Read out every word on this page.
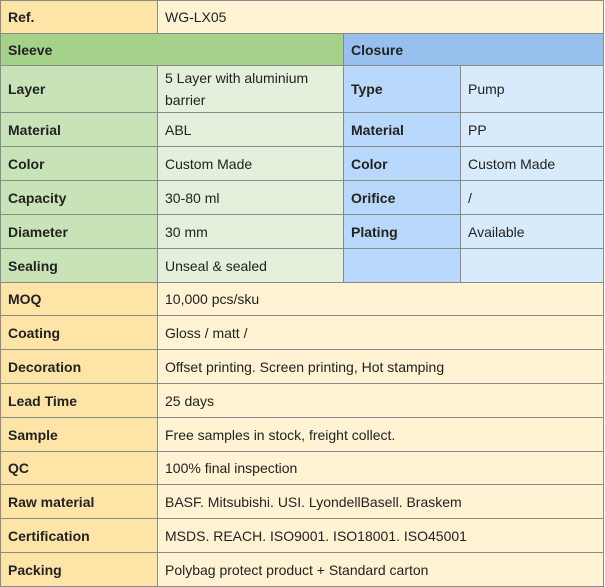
Ref.	WG-LX05		
Sleeve		Closure	
Layer	5 Layer with aluminium barrier	Type	Pump
Material	ABL	Material	PP
Color	Custom Made	Color	Custom Made
Capacity	30-80 ml	Orifice	/
Diameter	30 mm	Plating	Available
Sealing	Unseal & sealed		
MOQ	10,000 pcs/sku		
Coating	Gloss / matt /		
Decoration	Offset printing. Screen printing, Hot stamping		
Lead Time	25 days		
Sample	Free samples in stock, freight collect.		
QC	100% final inspection		
Raw material	BASF. Mitsubishi. USI. LyondellBasell. Braskem		
Certification	MSDS. REACH. ISO9001. ISO18001. ISO45001		
Packing	Polybag protect product + Standard carton		
